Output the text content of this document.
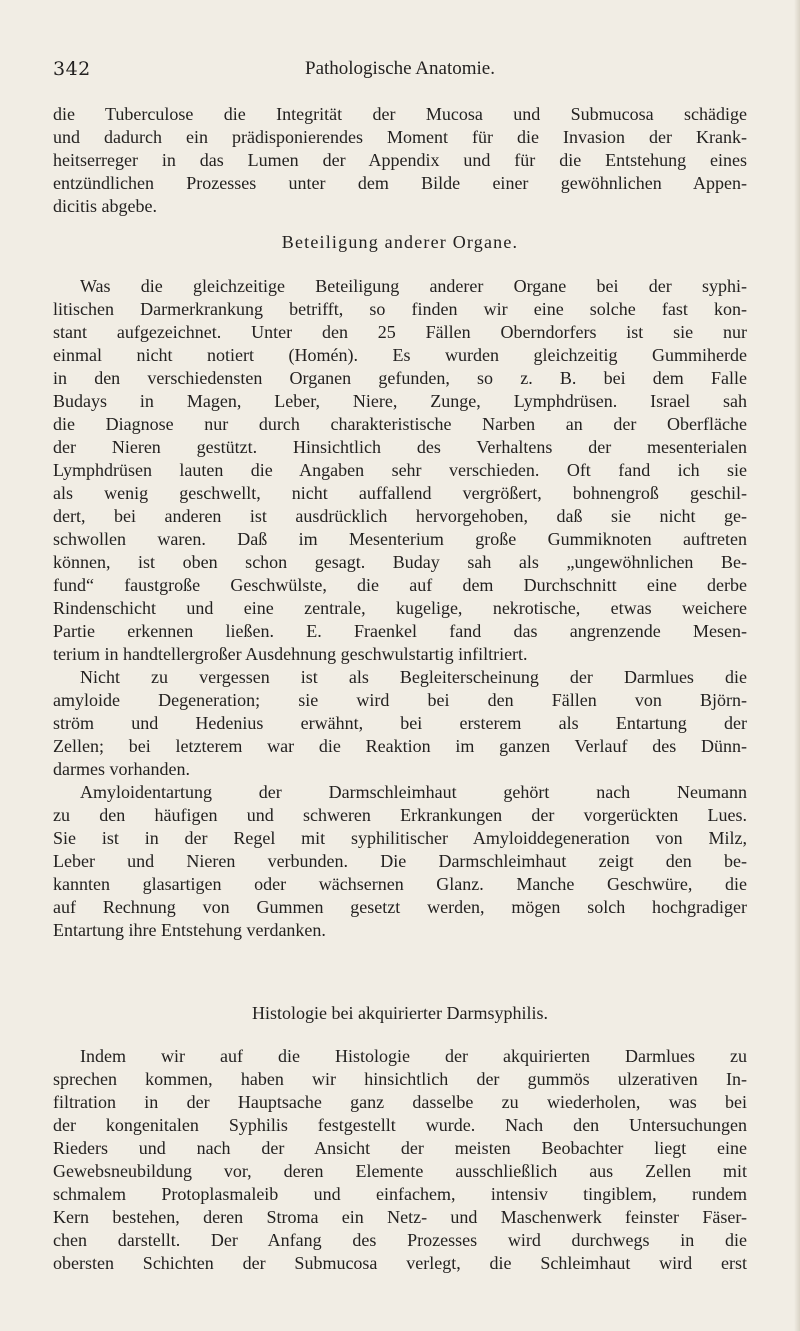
342	Pathologische Anatomie.
die Tuberculose die Integrität der Mucosa und Submucosa schädige
und dadurch ein prädisponierendes Moment für die Invasion der Krank-
heitserreger in das Lumen der Appendix und für die Entstehung eines
entzündlichen Prozesses unter dem Bilde einer gewöhnlichen Appen-
dicitis abgebe.
Beteiligung anderer Organe.
Was die gleichzeitige Beteiligung anderer Organe bei der syphi-
litischen Darmerkrankung betrifft, so finden wir eine solche fast kon-
stant aufgezeichnet. Unter den 25 Fällen Oberndorfers ist sie nur
einmal nicht notiert (Homén). Es wurden gleichzeitig Gummiherde
in den verschiedensten Organen gefunden, so z. B. bei dem Falle
Budays in Magen, Leber, Niere, Zunge, Lymphdrüsen. Israel sah
die Diagnose nur durch charakteristische Narben an der Oberfläche
der Nieren gestützt. Hinsichtlich des Verhaltens der mesenterialen
Lymphdrüsen lauten die Angaben sehr verschieden. Oft fand ich sie
als wenig geschwellt, nicht auffallend vergrößert, bohnengroß geschil-
dert, bei anderen ist ausdrücklich hervorgehoben, daß sie nicht ge-
schwollen waren. Daß im Mesenterium große Gummiknoten auftreten
können, ist oben schon gesagt. Buday sah als „ungewöhnlichen Be-
fund“ faustgroße Geschwülste, die auf dem Durchschnitt eine derbe
Rindenschicht und eine zentrale, kugelige, nekrotische, etwas weichere
Partie erkennen ließen. E. Fraenkel fand das angrenzende Mesen-
terium in handtellergroßer Ausdehnung geschwulstartig infiltriert.
Nicht zu vergessen ist als Begleiterscheinung der Darmlues die
amyloide Degeneration; sie wird bei den Fällen von Björn-
ström und Hedenius erwähnt, bei ersterem als Entartung der
Zellen; bei letzterem war die Reaktion im ganzen Verlauf des Dünn-
darmes vorhanden.
Amyloidentartung der Darmschleimhaut gehört nach Neumann
zu den häufigen und schweren Erkrankungen der vorgerückten Lues.
Sie ist in der Regel mit syphilitischer Amyloiddegeneration von Milz,
Leber und Nieren verbunden. Die Darmschleimhaut zeigt den be-
kannten glasartigen oder wächsernen Glanz. Manche Geschwüre, die
auf Rechnung von Gummen gesetzt werden, mögen solch hochgradiger
Entartung ihre Entstehung verdanken.
Histologie bei akquirierter Darmsyphilis.
Indem wir auf die Histologie der akquirierten Darmlues zu
sprechen kommen, haben wir hinsichtlich der gummös ulzerativen In-
filtration in der Hauptsache ganz dasselbe zu wiederholen, was bei
der kongenitalen Syphilis festgestellt wurde. Nach den Untersuchungen
Rieders und nach der Ansicht der meisten Beobachter liegt eine
Gewebsneubildung vor, deren Elemente ausschließlich aus Zellen mit
schmalem Protoplasmaleib und einfachem, intensiv tingiblem, rundem
Kern bestehen, deren Stroma ein Netz- und Maschenwerk feinster Fäser-
chen darstellt. Der Anfang des Prozesses wird durchwegs in die
obersten Schichten der Submucosa verlegt, die Schleimhaut wird erst
